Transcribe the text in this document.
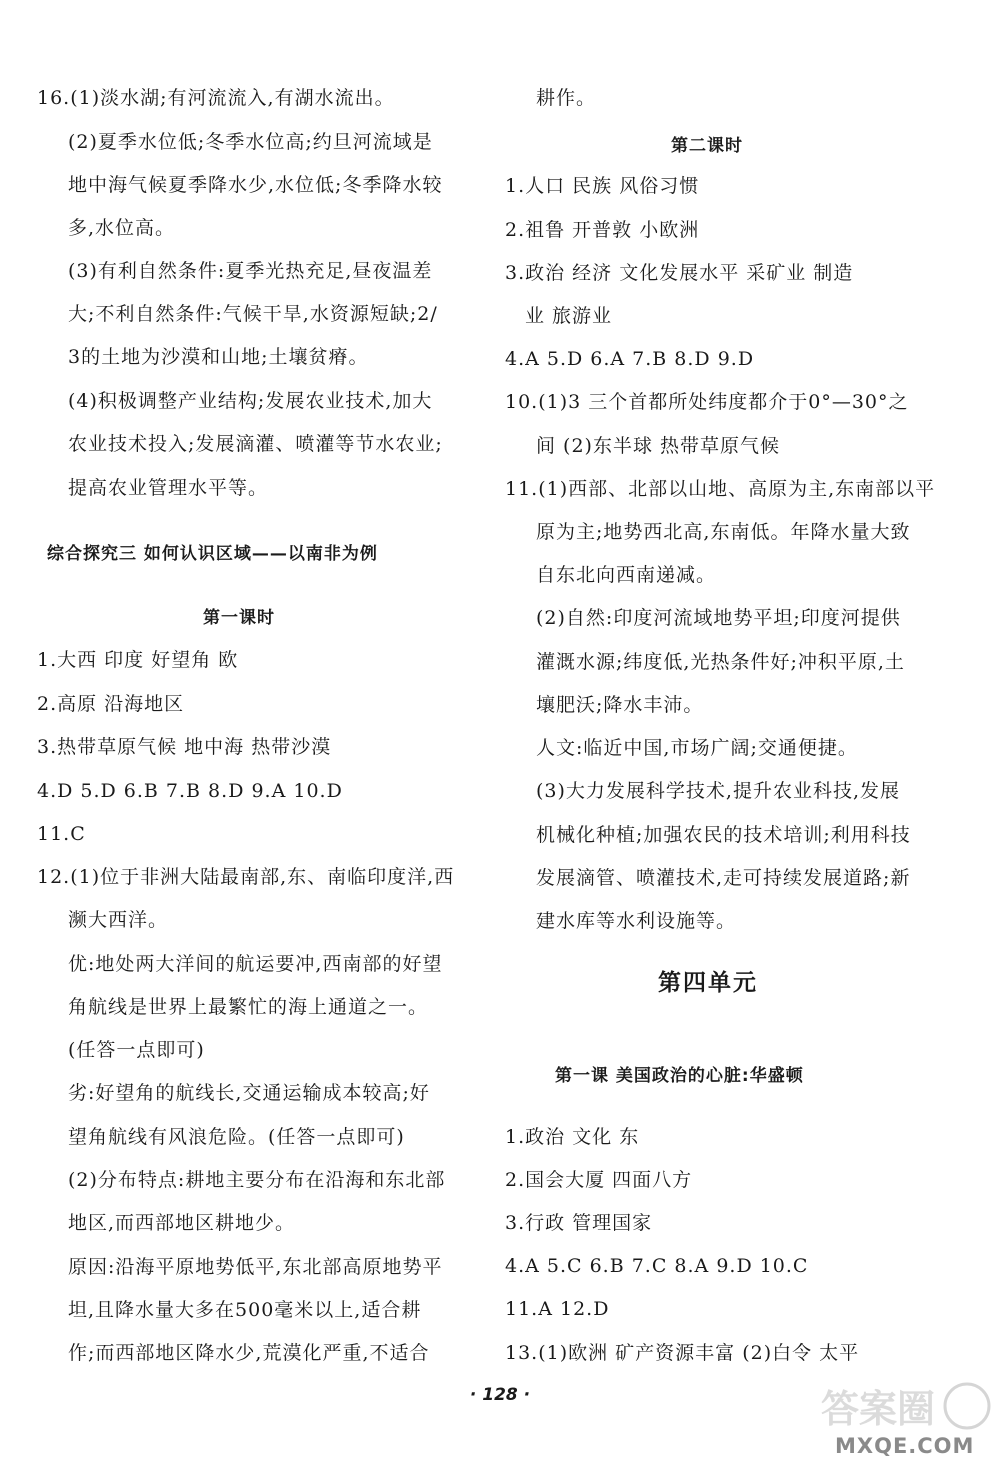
16.(1)淡水湖;有河流流入,有湖水流出。
(2)夏季水位低;冬季水位高;约旦河流域是
地中海气候夏季降水少,水位低;冬季降水较
多,水位高。
(3)有利自然条件:夏季光热充足,昼夜温差
大;不利自然条件:气候干旱,水资源短缺;2/
3的土地为沙漠和山地;土壤贫瘠。
(4)积极调整产业结构;发展农业技术,加大
农业技术投入;发展滴灌、喷灌等节水农业;
提高农业管理水平等。
综合探究三 如何认识区域——以南非为例
第一课时
1.大西 印度 好望角 欧
2.高原 沿海地区
3.热带草原气候 地中海 热带沙漠
4.D 5.D 6.B 7.B 8.D 9.A 10.D
11.C
12.(1)位于非洲大陆最南部,东、南临印度洋,西
濒大西洋。
优:地处两大洋间的航运要冲,西南部的好望
角航线是世界上最繁忙的海上通道之一。
(任答一点即可)
劣:好望角的航线长,交通运输成本较高;好
望角航线有风浪危险。(任答一点即可)
(2)分布特点:耕地主要分布在沿海和东北部
地区,而西部地区耕地少。
原因:沿海平原地势低平,东北部高原地势平
坦,且降水量大多在500毫米以上,适合耕
作;而西部地区降水少,荒漠化严重,不适合
耕作。
第二课时
1.人口 民族 风俗习惯
2.祖鲁 开普敦 小欧洲
3.政治 经济 文化发展水平 采矿业 制造
业 旅游业
4.A 5.D 6.A 7.B 8.D 9.D
10.(1)3 三个首都所处纬度都介于0°—30°之
间 (2)东半球 热带草原气候
11.(1)西部、北部以山地、高原为主,东南部以平
原为主;地势西北高,东南低。年降水量大致
自东北向西南递减。
(2)自然:印度河流域地势平坦;印度河提供
灌溉水源;纬度低,光热条件好;冲积平原,土
壤肥沃;降水丰沛。
人文:临近中国,市场广阔;交通便捷。
(3)大力发展科学技术,提升农业科技,发展
机械化种植;加强农民的技术培训;利用科技
发展滴管、喷灌技术,走可持续发展道路;新
建水库等水利设施等。
第四单元
第一课 美国政治的心脏:华盛顿
1.政治 文化 东
2.国会大厦 四面八方
3.行政 管理国家
4.A 5.C 6.B 7.C 8.A 9.D 10.C
11.A 12.D
13.(1)欧洲 矿产资源丰富 (2)白令 太平
· 128 ·	答案圈
MXQE.COM
